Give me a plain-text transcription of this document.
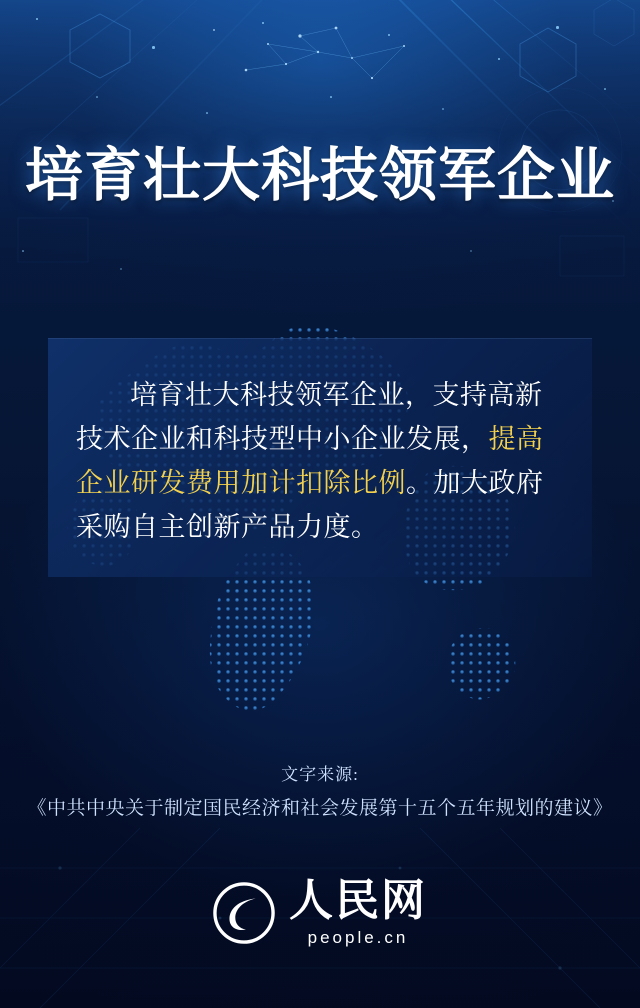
培育壮大科技领军企业

培育壮大科技领军企业，支持高新技术企业和科技型中小企业发展，提高企业研发费用加计扣除比例。加大政府采购自主创新产品力度。

文字来源:
《中共中央关于制定国民经济和社会发展第十五个五年规划的建议》
人民网
people.cn
